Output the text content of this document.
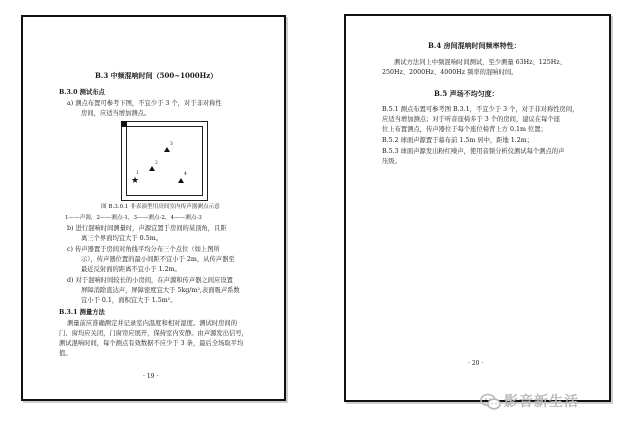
B.3 中频混响时间（500~1000Hz）
B.3.0 测试布点
a) 测点布置可参考下图，不宜少于 3 个，对于非对称性
房间，应适当增加测点。
★
1
2
3
4
图 B.3.0.1 非表演型用房间室内传声器测点示意
1——声源，2——测点-1，3——测点-2，4——测点-3
b) 进行混响时间测量时，声源宜置于房间的某顶角，且距
离三个界面均宜大于 0.5m。
c) 传声器置于房间对角线平均分布三个点位（如上图所
示），传声器位置的最小间距不宜小于 2m，从传声器至
最近反射面的距离不宜小于 1.2m。
d) 对于混响时间较长的小房间，在声源和传声器之间应设置
屏障消除直达声，屏障密度宜大于 5kg/m²,表面吸声系数
宜小于 0.1，面积宜大于 1.5m²。
B.3.1 测量方法
测量前应准确测定并记录室内温度和相对湿度。测试时房间的
门、窗均应关闭，门窗帘应展开，保持室内安静。由声源发出信号，
测试混响时间，每个测点有效数据不应少于 3 条，最后全场取平均
值。
· 19 ·
B.4 房间混响时间频率特性：
测试方法同上中频混响时间测试，至少测量 63Hz、125Hz、
250Hz、2000Hz、4000Hz 频率的混响时间。
B.5 声场不均匀度：
B.5.1 测点布置可参考图 B.3.1，不宜少于 3 个，对于非对称性房间，
应适当增加测点；对于听音座椅多于 3 个的房间，建议在每个座
位上布置测点，传声器位于每个座位椅背上方 0.1m 位置；
B.5.2 球面声源置于幕布前 1.5m 居中，距地 1.2m；
B.5.3 球面声源发出粉红噪声，使用音频分析仪测试每个测点的声
压级。
· 20 ·
影音新生活
